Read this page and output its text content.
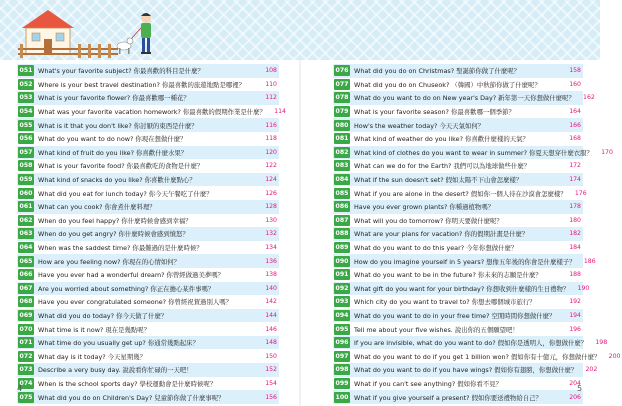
051 What's your favorite subject? 你最喜歡的科目是什麼？	108
052 Where is your best travel destination? 你最喜歡的旅遊地點是哪裡？	110
053 What is your favorite flower? 你最喜歡哪一種花？	112
054 What was your favorite vacation homework? 你最喜歡的假期作業是什麼？	114
055 What is it that you don't like? 你討厭的東西是什麼？	116
056 What do you want to do now? 你現在想做什麼？	118
057 What kind of fruit do you like? 你喜歡什麼水果？	120
058 What is your favorite food? 你最喜歡吃的食物是什麼？	122
059 What kind of snacks do you like? 你喜歡什麼點心？	124
060 What did you eat for lunch today? 你今天午餐吃了什麼？	126
061 What can you cook? 你會煮什麼料理？	128
062 When do you feel happy? 你什麼時候會感到幸福？	130
063 When do you get angry? 你什麼時候會感到憤怒？	132
064 When was the saddest time? 你最難過的是什麼時候？	134
065 How are you feeling now? 你現在的心情如何？	136
066 Have you ever had a wonderful dream? 你曾經做過美夢嗎？	138
067 Are you worried about something? 你正在擔心某件事嗎？	140
068 Have you ever congratulated someone? 你曾經祝賀過別人嗎？	142
069 What did you do today? 你今天做了什麼？	144
070 What time is it now? 現在是幾點呢？	146
071 What time do you usually get up? 你通常幾點起床？	148
072 What day is it today? 今天星期幾？	150
073 Describe a very busy day. 說說看你忙碌的一天吧！	152
074 When is the school sports day? 學校運動會是什麼時候呢？	154
075 What did you do on Children's Day? 兒童節你做了什麼事呢？	156
076 What did you do on Christmas? 聖誕節你做了什麼呢？	158
077 What did you do on Chuseok? （韓國）中秋節你做了什麼呢？	160
078 What do you want to do on New year's Day? 新年第一天你想做什麼呢？	162
079 What is your favorite season? 你最喜歡哪一個季節？	164
080 How's the weather today? 今天天氣如何？	166
081 What kind of weather do you like? 你喜歡什麼樣的天氣？	168
082 What kind of clothes do you want to wear in summer? 你夏天想穿什麼衣服？	170
083 What can we do for the Earth? 我們可以為地球做些什麼？	172
084 What if the sun doesn't set? 假如太陽不下山會怎麼樣？	174
085 What if you are alone in the desert? 假如你一個人待在沙漠會怎麼樣？	176
086 Have you ever grown plants? 你種過植物嗎？	178
087 What will you do tomorrow? 你明天要做什麼呢？	180
088 What are your plans for vacation? 你的假期計畫是什麼？	182
089 What do you want to do this year? 今年你想做什麼？	184
090 How do you imagine yourself in 5 years? 想像五年後的你會是什麼樣子？	186
091 What do you want to be in the future? 你未來的志願是什麼？	188
092 What gift do you want for your birthday? 你想收到什麼樣的生日禮物？	190
093 Which city do you want to travel to? 你想去哪個城市旅行？	192
094 What do you want to do in your free time? 空閒時間你想做什麼？	194
095 Tell me about your five wishes. 說出你的五個願望吧！	196
096 If you are invisible, what do you want to do? 假如你是透明人，你想做什麼？	198
097 What do you want to do if you get 1 billion won? 假如你有十億元，你想做什麼？	200
098 What do you want to do if you have wings? 假如你有翅膀，你想做什麼？	202
099 What if you can't see anything? 假如你看不見？	204
100 What if you give yourself a present? 假如你要送禮物給自己？	206
4	5
